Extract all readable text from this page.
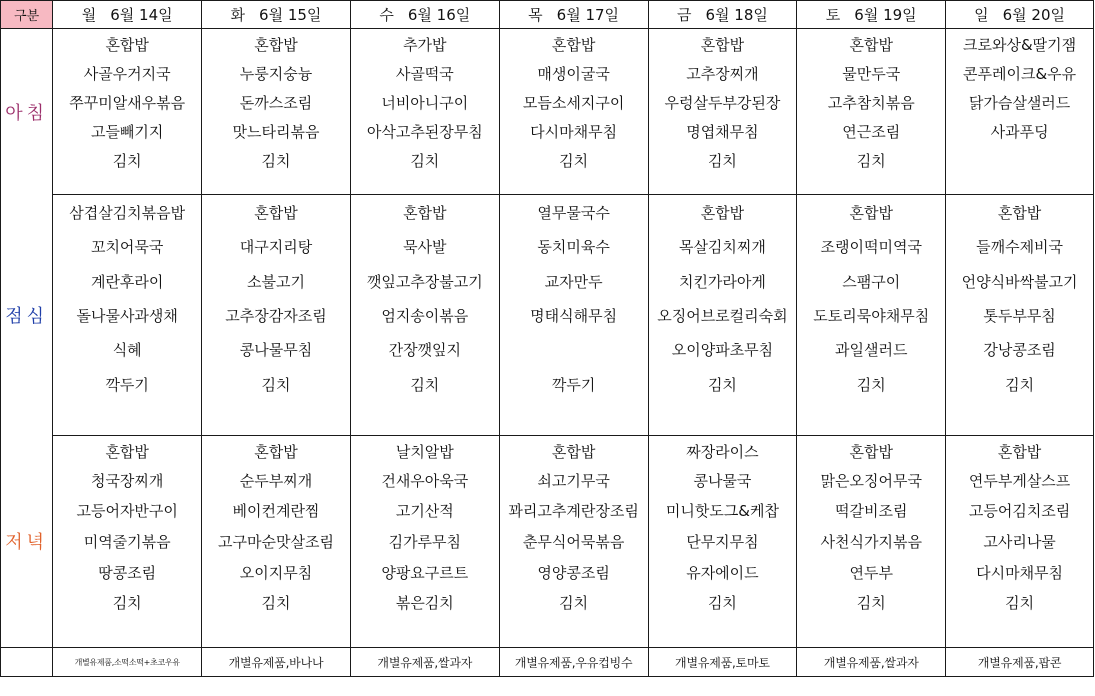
구분	월 6월 14일	화 6월 15일	수 6월 16일	목 6월 17일	금 6월 18일	토 6월 19일	일 6월 20일
아침	혼합밥	혼합밥	추가밥	혼합밥	혼합밥	혼합밥	크로와상&딸기잼
	사골우거지국	누룽지숭늉	사골떡국	매생이굴국	고추장찌개	물만두국	콘푸레이크&우유
	쭈꾸미알새우볶음	돈까스조림	너비아니구이	모듬소세지구이	우렁살두부강된장	고추참치볶음	닭가슴살샐러드
	고들빼기지	맛느타리볶음	아삭고추된장무침	다시마채무침	명엽채무침	연근조림	사과푸딩
	김치	김치	김치	김치	김치	김치	

점심	삼겹살김치볶음밥	혼합밥	혼합밥	열무물국수	혼합밥	혼합밥	혼합밥
	꼬치어묵국	대구지리탕	묵사발	동치미육수	목살김치찌개	조랭이떡미역국	들깨수제비국
	계란후라이	소불고기	깻잎고추장불고기	교자만두	치킨가라아게	스팸구이	언양식바싹불고기
	돌나물사과생채	고추장감자조림	엄지송이볶음	명태식해무침	오징어브로컬리숙회	도토리묵야채무침	톳두부무침
	식혜	콩나물무침	간장깻잎지		오이양파초무침	과일샐러드	강낭콩조림
	깍두기	김치	김치	깍두기	김치	김치	김치

저녁	혼합밥	혼합밥	날치알밥	혼합밥	짜장라이스	혼합밥	혼합밥
	청국장찌개	순두부찌개	건새우아욱국	쇠고기무국	콩나물국	맑은오징어무국	연두부게살스프
	고등어자반구이	베이컨계란찜	고기산적	꽈리고추계란장조림	미니핫도그&케찹	떡갈비조림	고등어김치조림
	미역줄기볶음	고구마순맛살조림	김가루무침	춘무식어묵볶음	단무지무침	사천식가지볶음	고사리나물
	땅콩조림	오이지무침	양팡요구르트	영양콩조림	유자에이드	연두부	다시마채무침
	김치	김치	볶은김치	김치	김치	김치	김치

	개별유제품,소떡소떡+초코우유	개별유제품,바나나	개별유제품,쌀과자	개별유제품,우유컵빙수	개별유제품,토마토	개별유제품,쌀과자	개별유제품,팝콘
